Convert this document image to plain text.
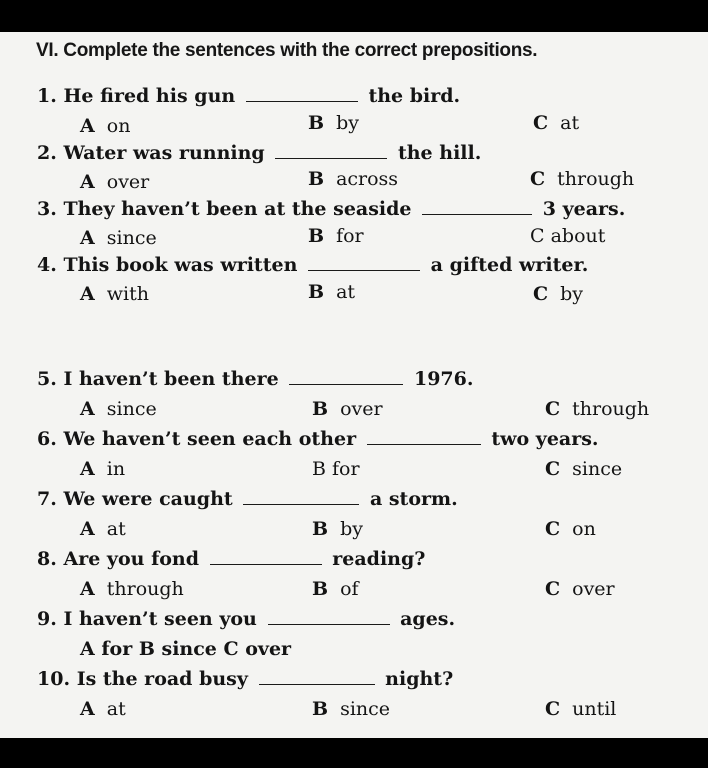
VI. Complete the sentences with the correct prepositions.
1. He fired his gun	the bird.
A on	B by	C at
2. Water was running	the hill.
A over	B across	C through
3. They haven’t been at the seaside	3 years.
A since	B for	C about
4. This book was written	a gifted writer.
A with	B at	C by
5. I haven’t been there	1976.
A since	B over	C through
6. We haven’t seen each other	two years.
A in	B for	C since
7. We were caught	a storm.
A at	B by	C on
8. Are you fond	reading?
A through	B of	C over
9. I haven’t seen you	ages.
A for B since C over
10. Is the road busy	night?
A at	B since	C until
